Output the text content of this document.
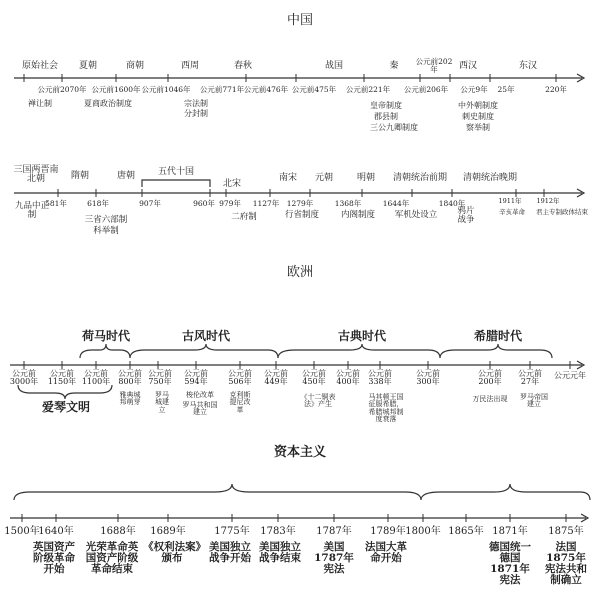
中国
原始社会 夏朝	商朝	西周	春秋	战国	秦	西汉	东汉
公元前2070年 公元前1600年 公元前1046年 公元前771年 公元前476年 公元前475年 公元前221年
公元前202年
公元前206年 公元9年 25年	220年
禅让制	夏商政治制度	宗法制
分封制
皇帝制度
郡县制
三公九卿制度
中外朝制度
刺史制度
察举制
三国两晋南北朝	隋朝	唐朝	五代十国
北宋
南宋 元朝	明朝 清朝统治前期 清朝统治晚期
581年	618年	907年	960年 979年 1127年 1279年	1368年	1644年	1840年	1911年 1912年
九品中正制
三省六部制
科举制
二府制	行省制度	内阁制度 军机处设立 鸦片战争
辛亥革命 君主专制政体结束
欧洲
荷马时代	古风时代	古典时代	希腊时代
爱琴文明
公元前3000年
公元前1150年
公元前1100年
公元前800年
公元前750年
公元前594年
公元前506年
公元前449年
公元前450年
公元前400年
公元前338年
公元前300年
公元前200年
公元前27年
公元元年
雅典城邦萌芽
罗马城建立
梭伦改革
罗马共和国建立
克利斯提尼改革
《十二铜表法》产生
马其顿王国征服希腊，希腊城邦制度衰落
万民法出现 罗马帝国建立
资本主义
1500年
1640年	1688年 1689年	1775年 1783年 1787年 1789年 1800年 1865年 1871年 1875年
英国资产阶级革命开始
光荣革命英国资产阶级革命结束
《权利法案》颁布
美国独立战争开始
美国独立战争结束
美国1787年宪法
法国大革命开始
德国统一德国1871年宪法
法国1875年宪法共和制确立
